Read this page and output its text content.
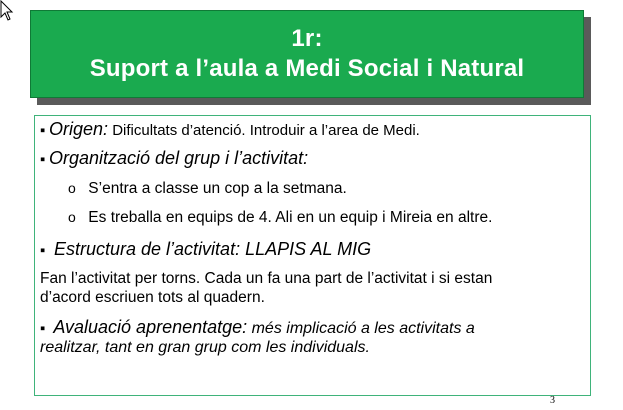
1r:
Suport a l’aula a Medi Social i Natural
▪ Origen: Dificultats d’atenció. Introduir a l’area de Medi.
▪ Organització del grup i l’activitat:
o S’entra a classe un cop a la setmana.
o Es treballa en equips de 4. Ali en un equip i Mireia en altre.
▪ Estructura de l’activitat: LLAPIS AL MIG
Fan l’activitat per torns. Cada un fa una part de l’activitat i si estan
d’acord escriuen tots al quadern.
▪ Avaluació aprenentatge: més implicació a les activitats a
realitzar, tant en gran grup com les individuals.
3
